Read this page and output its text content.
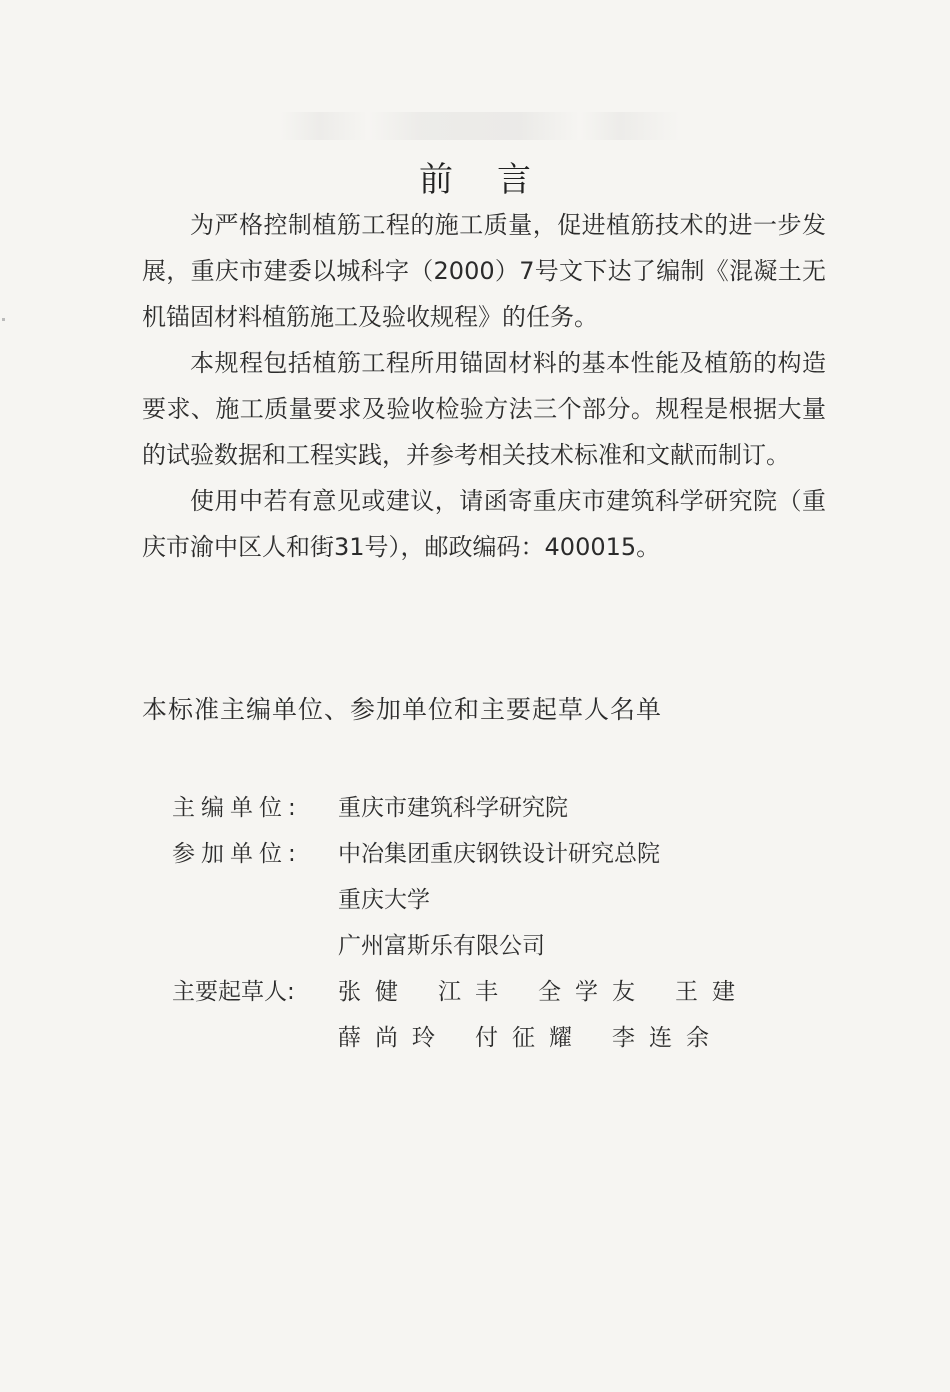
前言

为严格控制植筋工程的施工质量，促进植筋技术的进一步发展，重庆市建委以城科字（2000）7号文下达了编制《混凝土无机锚固材料植筋施工及验收规程》的任务。

本规程包括植筋工程所用锚固材料的基本性能及植筋的构造要求、施工质量要求及验收检验方法三个部分。规程是根据大量的试验数据和工程实践，并参考相关技术标准和文献而制订。

使用中若有意见或建议，请函寄重庆市建筑科学研究院（重庆市渝中区人和街31号），邮政编码：400015。

本标准主编单位、参加单位和主要起草人名单
主编单位:	重庆市建筑科学研究院
参加单位:	中冶集团重庆钢铁设计研究总院
重庆大学
广州富斯乐有限公司
主要起草人:	张健 江丰 全学友 王建
薛尚玲 付征耀 李连余
